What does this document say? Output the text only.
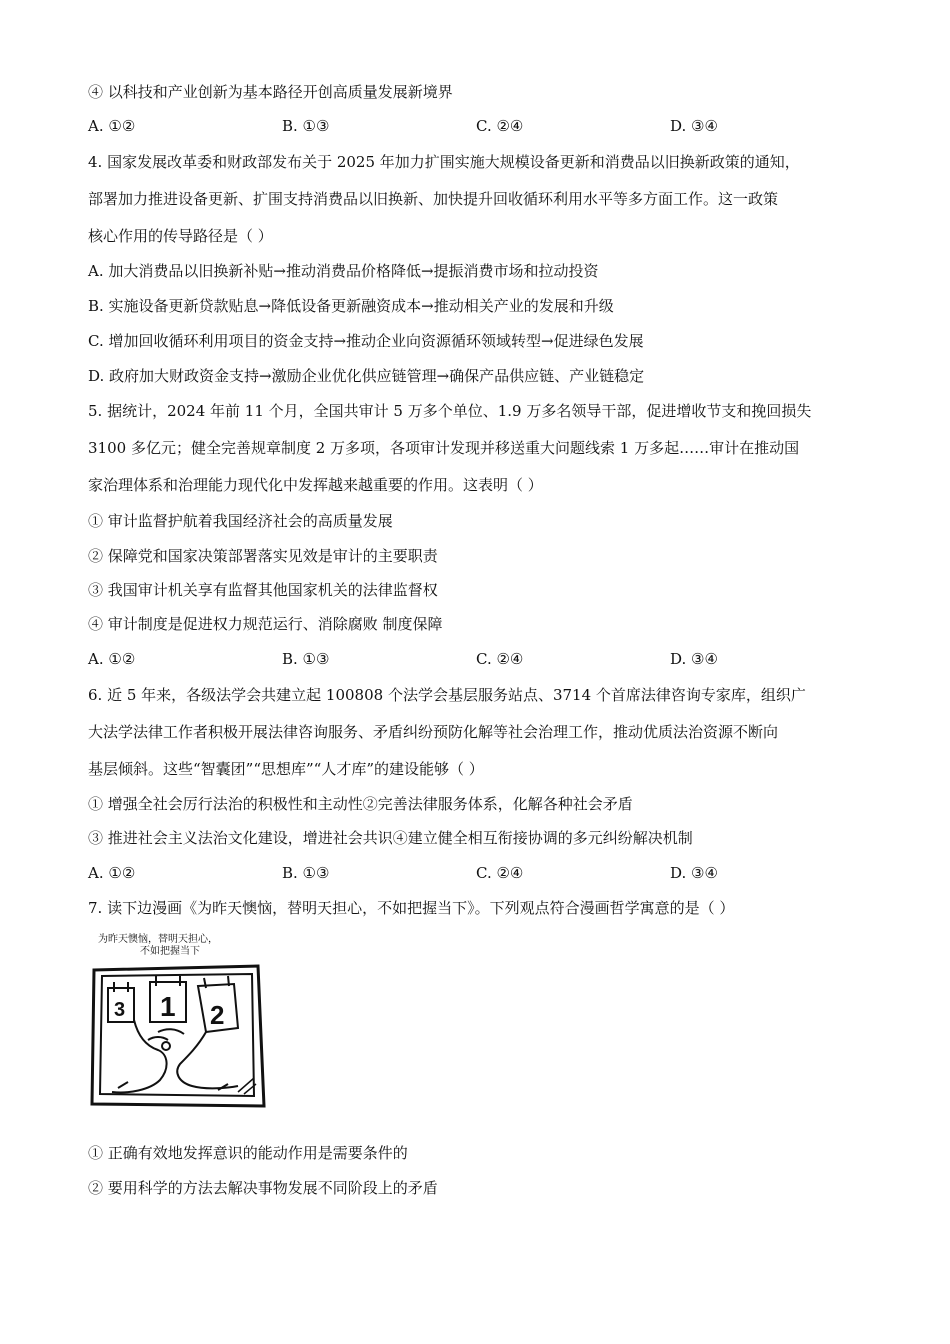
④ 以科技和产业创新为基本路径开创高质量发展新境界
A. ①②	B. ①③	C. ②④	D. ③④
4. 国家发展改革委和财政部发布关于 2025 年加力扩围实施大规模设备更新和消费品以旧换新政策的通知，
部署加力推进设备更新、扩围支持消费品以旧换新、加快提升回收循环利用水平等多方面工作。这一政策
核心作用的传导路径是（ ）
A. 加大消费品以旧换新补贴→推动消费品价格降低→提振消费市场和拉动投资
B. 实施设备更新贷款贴息→降低设备更新融资成本→推动相关产业的发展和升级
C. 增加回收循环利用项目的资金支持→推动企业向资源循环领域转型→促进绿色发展
D. 政府加大财政资金支持→激励企业优化供应链管理→确保产品供应链、产业链稳定
5. 据统计，2024 年前 11 个月，全国共审计 5 万多个单位、1.9 万多名领导干部，促进增收节支和挽回损失
3100 多亿元；健全完善规章制度 2 万多项，各项审计发现并移送重大问题线索 1 万多起……审计在推动国
家治理体系和治理能力现代化中发挥越来越重要的作用。这表明（ ）
① 审计监督护航着我国经济社会的高质量发展
② 保障党和国家决策部署落实见效是审计的主要职责
③ 我国审计机关享有监督其他国家机关的法律监督权
④ 审计制度是促进权力规范运行、消除腐败 制度保障
A. ①②	B. ①③	C. ②④	D. ③④
6. 近 5 年来，各级法学会共建立起 100808 个法学会基层服务站点、3714 个首席法律咨询专家库，组织广
大法学法律工作者积极开展法律咨询服务、矛盾纠纷预防化解等社会治理工作，推动优质法治资源不断向
基层倾斜。这些“智囊团”“思想库”“人才库”的建设能够（ ）
① 增强全社会厉行法治的积极性和主动性②完善法律服务体系，化解各种社会矛盾
③ 推进社会主义法治文化建设，增进社会共识④建立健全相互衔接协调的多元纠纷解决机制
A. ①②	B. ①③	C. ②④	D. ③④
7. 读下边漫画《为昨天懊恼，替明天担心，不如把握当下》。下列观点符合漫画哲学寓意的是（ ）
为昨天懊恼，替明天担心，
不如把握当下
3 1 2
① 正确有效地发挥意识的能动作用是需要条件的
② 要用科学的方法去解决事物发展不同阶段上的矛盾
